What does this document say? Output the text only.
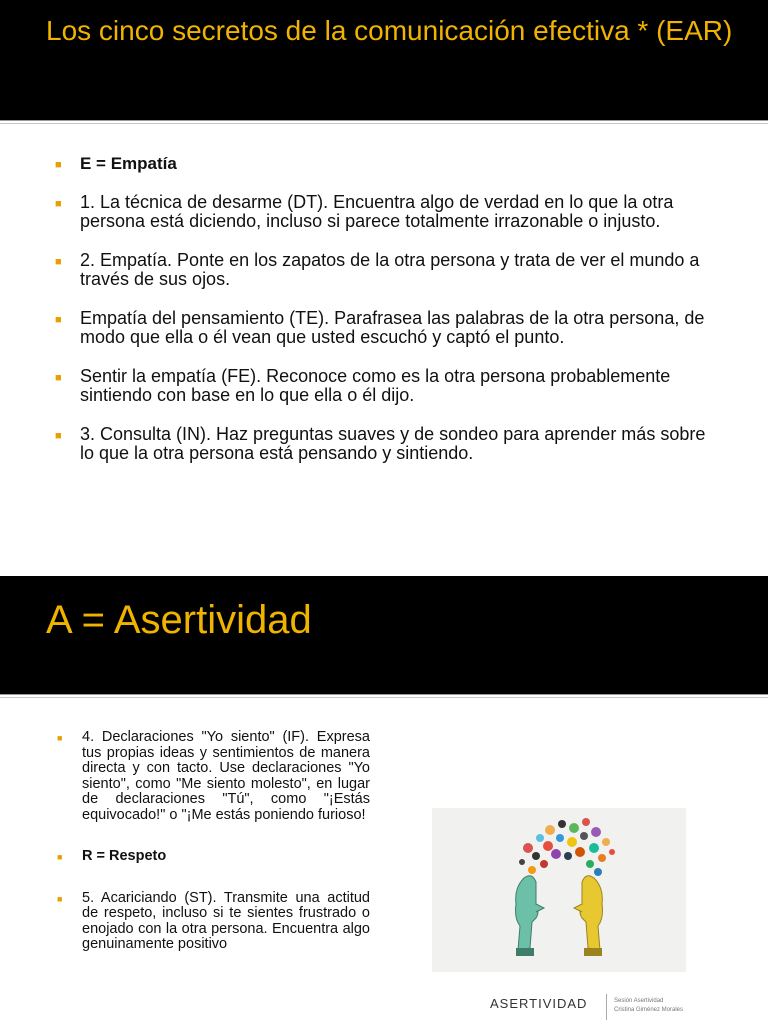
Los cinco secretos de la comunicación efectiva * (EAR)
■ E = Empatía
■ 1. La técnica de desarme (DT). Encuentra algo de verdad en lo que la otra persona está diciendo, incluso si parece totalmente irrazonable o injusto.
■ 2. Empatía. Ponte en los zapatos de la otra persona y trata de ver el mundo a través de sus ojos.
■ Empatía del pensamiento (TE). Parafrasea las palabras de la otra persona, de modo que ella o él vean que usted escuchó y captó el punto.
■ Sentir la empatía (FE). Reconoce como es la otra persona probablemente sintiendo con base en lo que ella o él dijo.
■ 3. Consulta (IN). Haz preguntas suaves y de sondeo para aprender más sobre lo que la otra persona está pensando y sintiendo.
A = Asertividad
■ 4. Declaraciones "Yo siento" (IF). Expresa tus propias ideas y sentimientos de manera directa y con tacto. Use declaraciones "Yo siento", como "Me siento molesto", en lugar de declaraciones "Tú", como "¡Estás equivocado!" o "¡Me estás poniendo furioso!
■ R = Respeto
■ 5. Acariciando (ST). Transmite una actitud de respeto, incluso si te sientes frustrado o enojado con la otra persona. Encuentra algo genuinamente positivo
ASERTIVIDAD	Sesión Asertividad
Cristina Giménez Morales
